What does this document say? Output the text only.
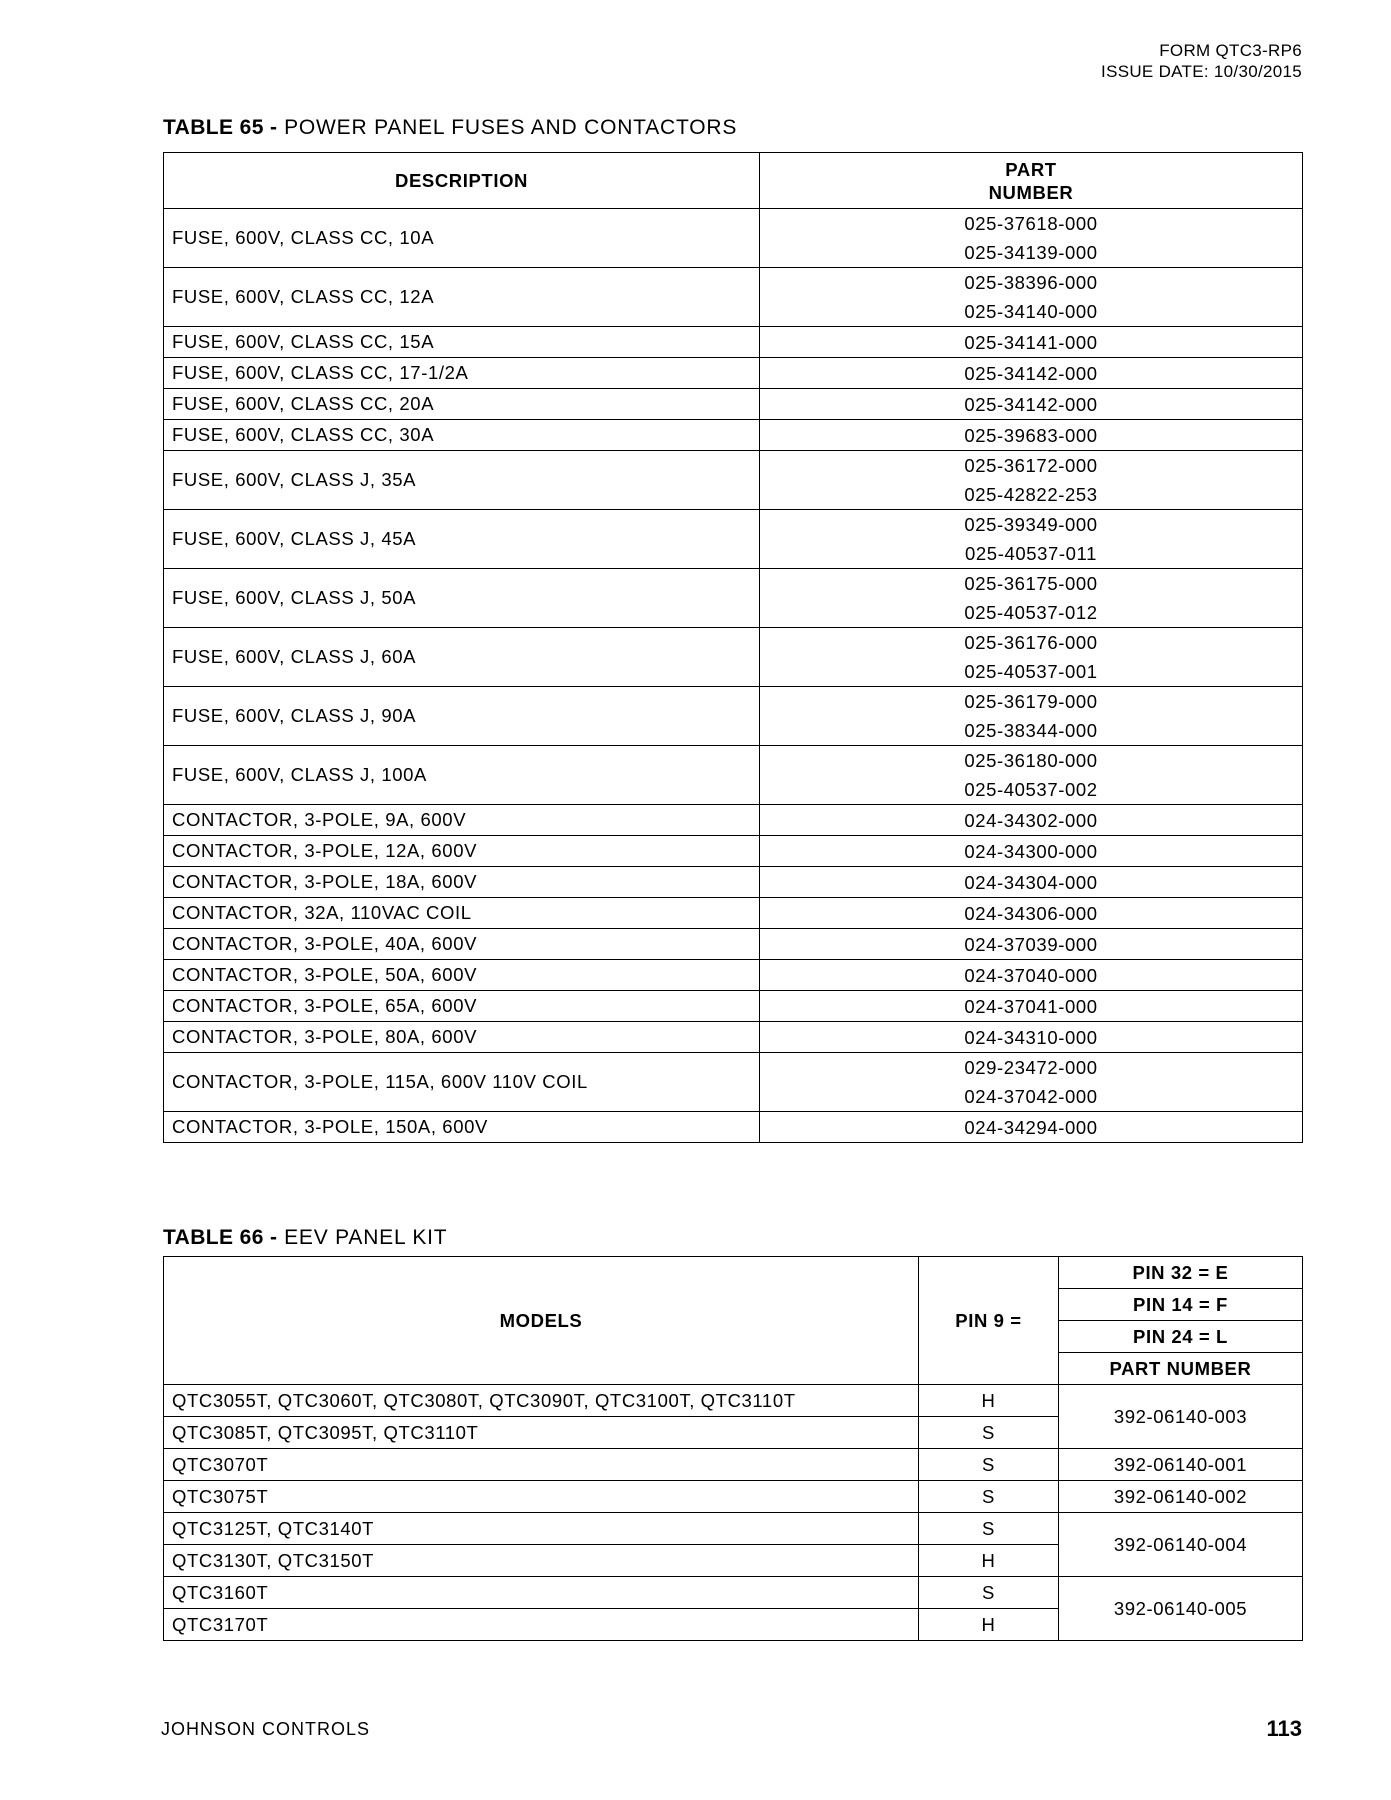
FORM QTC3-RP6
ISSUE DATE: 10/30/2015
TABLE 65 - POWER PANEL FUSES AND CONTACTORS
DESCRIPTION	PART
NUMBER

FUSE, 600V, CLASS CC, 10A	025-37618-000
025-34139-000

FUSE, 600V, CLASS CC, 12A	025-38396-000
025-34140-000

FUSE, 600V, CLASS CC, 15A	025-34141-000

FUSE, 600V, CLASS CC, 17-1/2A	025-34142-000

FUSE, 600V, CLASS CC, 20A	025-34142-000

FUSE, 600V, CLASS CC, 30A	025-39683-000

FUSE, 600V, CLASS J, 35A	025-36172-000
025-42822-253

FUSE, 600V, CLASS J, 45A	025-39349-000
025-40537-011

FUSE, 600V, CLASS J, 50A	025-36175-000
025-40537-012

FUSE, 600V, CLASS J, 60A	025-36176-000
025-40537-001

FUSE, 600V, CLASS J, 90A	025-36179-000
025-38344-000

FUSE, 600V, CLASS J, 100A	025-36180-000
025-40537-002

CONTACTOR, 3-POLE, 9A, 600V	024-34302-000

CONTACTOR, 3-POLE, 12A, 600V	024-34300-000

CONTACTOR, 3-POLE, 18A, 600V	024-34304-000

CONTACTOR, 32A, 110VAC COIL	024-34306-000

CONTACTOR, 3-POLE, 40A, 600V	024-37039-000

CONTACTOR, 3-POLE, 50A, 600V	024-37040-000

CONTACTOR, 3-POLE, 65A, 600V	024-37041-000

CONTACTOR, 3-POLE, 80A, 600V	024-34310-000

CONTACTOR, 3-POLE, 115A, 600V 110V COIL	029-23472-000
024-37042-000

CONTACTOR, 3-POLE, 150A, 600V	024-34294-000
TABLE 66 - EEV PANEL KIT
MODELS	PIN 9 =	PIN 32 = E
		PIN 14 = F
		PIN 24 = L
		PART NUMBER
QTC3055T, QTC3060T, QTC3080T, QTC3090T, QTC3100T, QTC3110T	H	392-06140-003
QTC3085T, QTC3095T, QTC3110T	S	
QTC3070T	S	392-06140-001
QTC3075T	S	392-06140-002
QTC3125T, QTC3140T	S	392-06140-004
QTC3130T, QTC3150T	H	
QTC3160T	S	392-06140-005
QTC3170T	H	
JOHNSON CONTROLS	113
